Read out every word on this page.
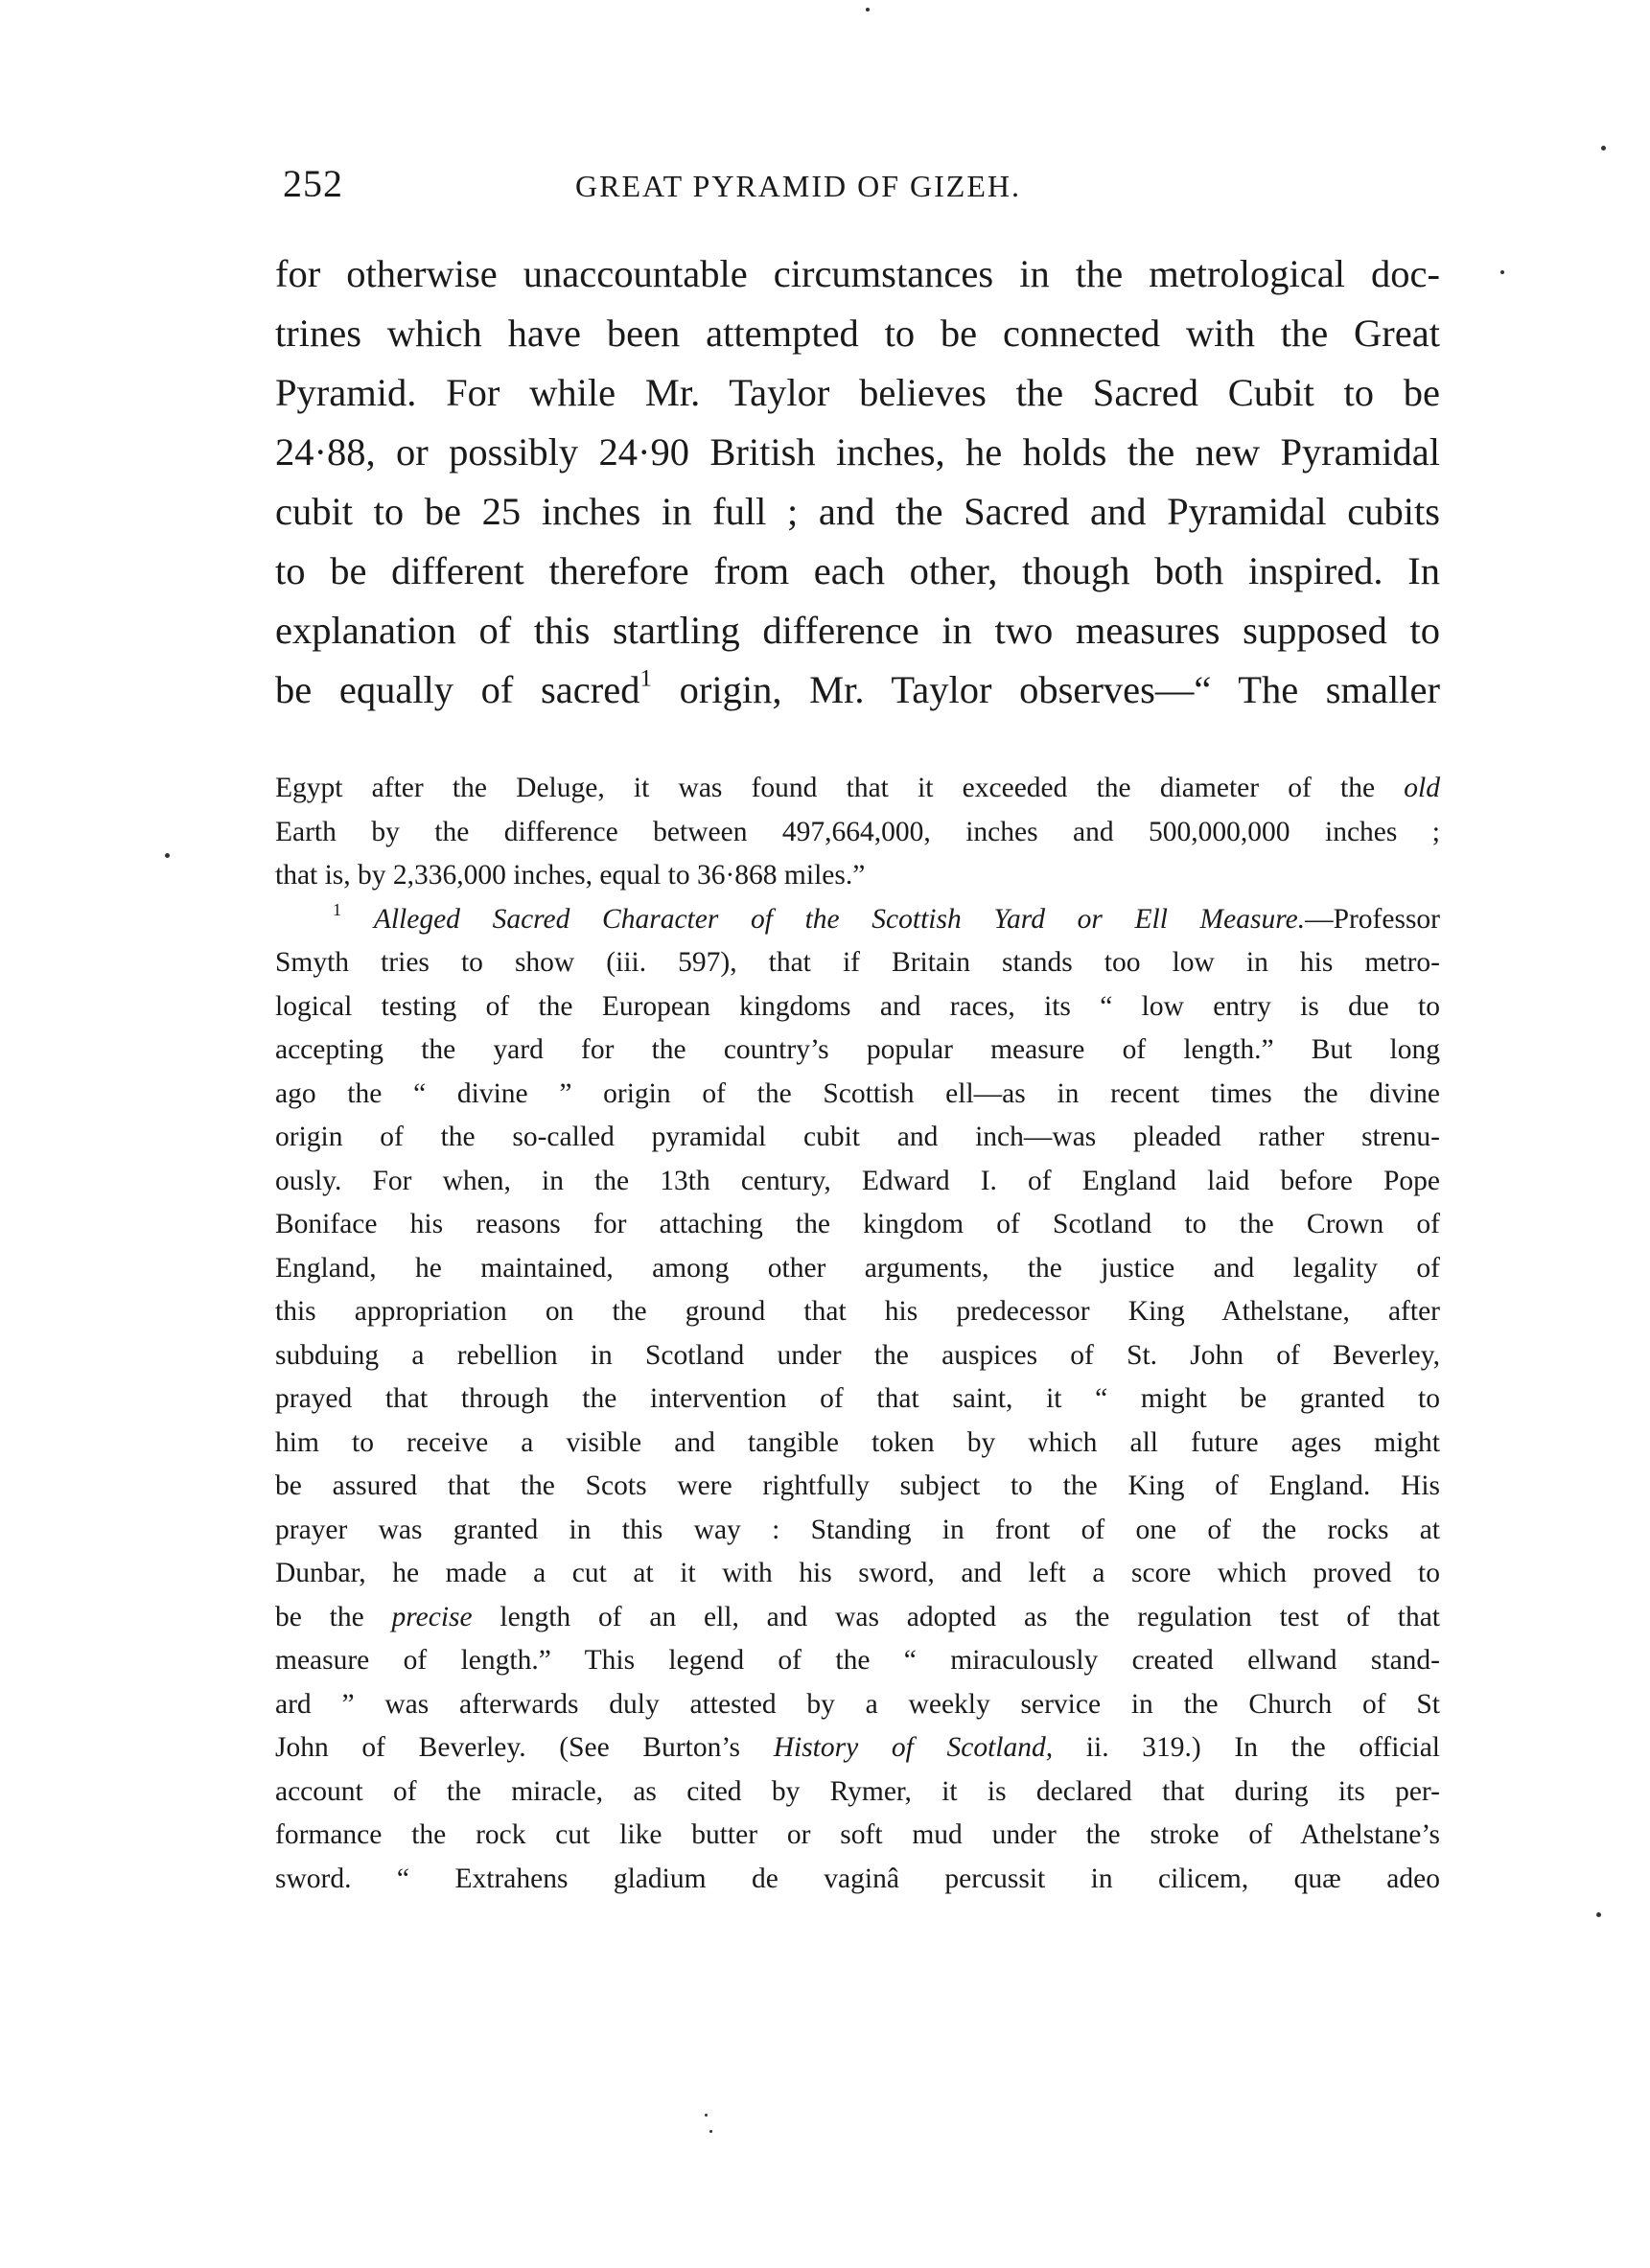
252	GREAT PYRAMID OF GIZEH.
for otherwise unaccountable circumstances in the metrological doc-
trines which have been attempted to be connected with the Great
Pyramid. For while Mr. Taylor believes the Sacred Cubit to be
24·88, or possibly 24·90 British inches, he holds the new Pyramidal
cubit to be 25 inches in full ; and the Sacred and Pyramidal cubits
to be different therefore from each other, though both inspired. In
explanation of this startling difference in two measures supposed to
be equally of sacred$^1$ origin, Mr. Taylor observes—“ The smaller
Egypt after the Deluge, it was found that it exceeded the diameter of the old
Earth by the difference between 497,664,000, inches and 500,000,000 inches ;
that is, by 2,336,000 inches, equal to 36·868 miles.”
$^1$ Alleged Sacred Character of the Scottish Yard or Ell Measure.—Professor
Smyth tries to show (iii. 597), that if Britain stands too low in his metro-
logical testing of the European kingdoms and races, its “ low entry is due to
accepting the yard for the country’s popular measure of length.” But long
ago the “ divine ” origin of the Scottish ell—as in recent times the divine
origin of the so-called pyramidal cubit and inch—was pleaded rather strenu-
ously. For when, in the 13th century, Edward I. of England laid before Pope
Boniface his reasons for attaching the kingdom of Scotland to the Crown of
England, he maintained, among other arguments, the justice and legality of
this appropriation on the ground that his predecessor King Athelstane, after
subduing a rebellion in Scotland under the auspices of St. John of Beverley,
prayed that through the intervention of that saint, it “ might be granted to
him to receive a visible and tangible token by which all future ages might
be assured that the Scots were rightfully subject to the King of England. His
prayer was granted in this way : Standing in front of one of the rocks at
Dunbar, he made a cut at it with his sword, and left a score which proved to
be the precise length of an ell, and was adopted as the regulation test of that
measure of length.” This legend of the “ miraculously created ellwand stand-
ard ” was afterwards duly attested by a weekly service in the Church of St
John of Beverley. (See Burton’s History of Scotland, ii. 319.) In the official
account of the miracle, as cited by Rymer, it is declared that during its per-
formance the rock cut like butter or soft mud under the stroke of Athelstane’s
sword. “ Extrahens gladium de vaginâ percussit in cilicem, quæ adeo
